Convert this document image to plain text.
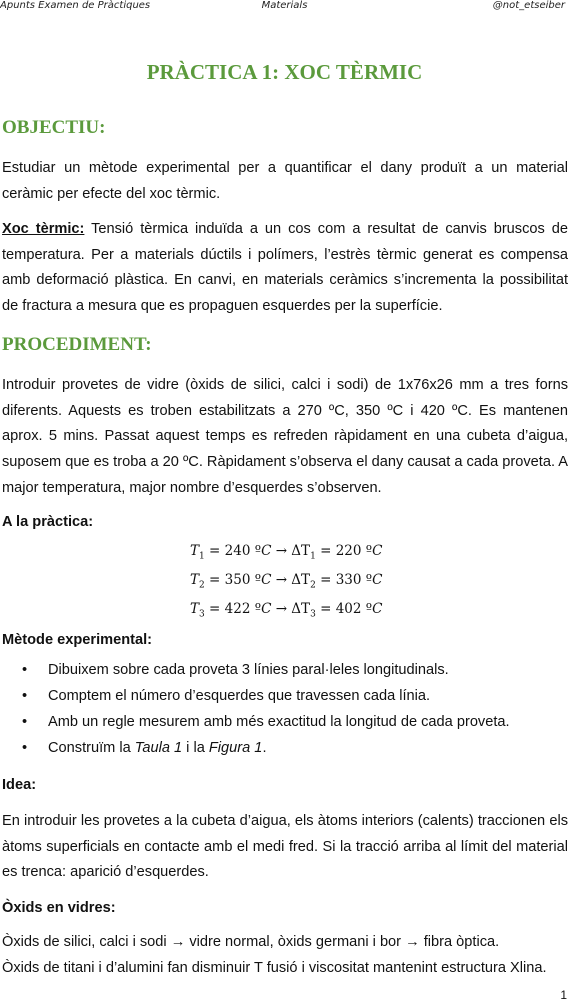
Apunts Examen de Pràctiques	Materials	@not_etseiber
PRÀCTICA 1: XOC TÈRMIC
OBJECTIU:
Estudiar un mètode experimental per a quantificar el dany produït a un material ceràmic per efecte del xoc tèrmic.
Xoc tèrmic: Tensió tèrmica induïda a un cos com a resultat de canvis bruscos de temperatura. Per a materials dúctils i polímers, l’estrès tèrmic generat es compensa amb deformació plàstica. En canvi, en materials ceràmics s’incrementa la possibilitat de fractura a mesura que es propaguen esquerdes per la superfície.
PROCEDIMENT:
Introduir provetes de vidre (òxids de silici, calci i sodi) de 1x76x26 mm a tres forns diferents. Aquests es troben estabilitzats a 270 ºC, 350 ºC i 420 ºC. Es mantenen aprox. 5 mins. Passat aquest temps es refreden ràpidament en una cubeta d’aigua, suposem que es troba a 20 ºC. Ràpidament s’observa el dany causat a cada proveta. A major temperatura, major nombre d’esquerdes s’observen.
A la pràctica:
$T_1 = 240$ ºC → $\Delta T_1 = 220$ ºC
$T_2 = 350$ ºC → $\Delta T_2 = 330$ ºC
$T_3 = 422$ ºC → $\Delta T_3 = 402$ ºC
Mètode experimental:
• Dibuixem sobre cada proveta 3 línies paral·leles longitudinals.
• Comptem el número d’esquerdes que travessen cada línia.
• Amb un regle mesurem amb més exactitud la longitud de cada proveta.
• Construïm la Taula 1 i la Figura 1.
Idea:
En introduir les provetes a la cubeta d’aigua, els àtoms interiors (calents) traccionen els àtoms superficials en contacte amb el medi fred. Si la tracció arriba al límit del material es trenca: aparició d’esquerdes.
Òxids en vidres:
Òxids de silici, calci i sodi → vidre normal, òxids germani i bor → fibra òptica.
Òxids de titani i d’alumini fan disminuir T fusió i viscositat mantenint estructura Xlina.
1
